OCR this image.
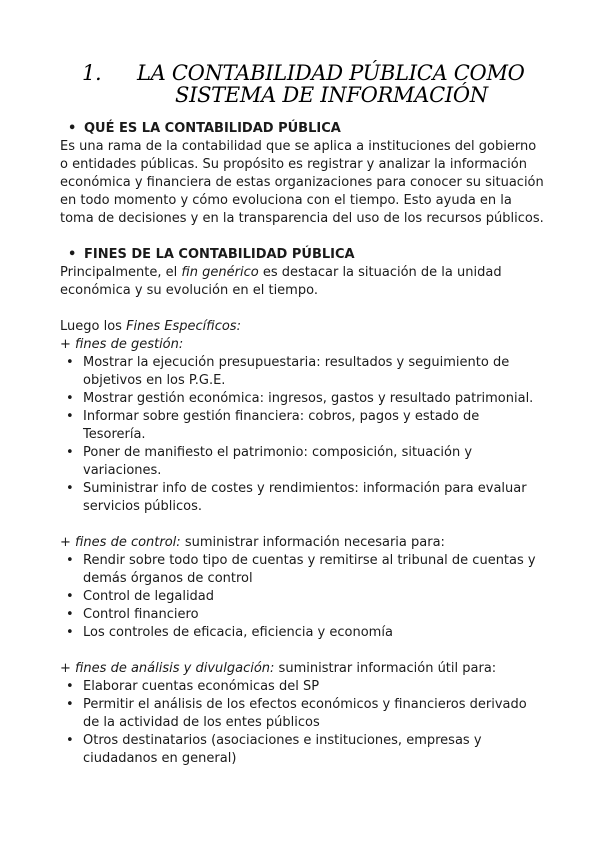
1. LA CONTABILIDAD PÚBLICA COMO
SISTEMA DE INFORMACIÓN
• QUÉ ES LA CONTABILIDAD PÚBLICA

Es una rama de la contabilidad que se aplica a instituciones del gobierno o entidades públicas. Su propósito es registrar y analizar la información económica y financiera de estas organizaciones para conocer su situación en todo momento y cómo evoluciona con el tiempo. Esto ayuda en la toma de decisiones y en la transparencia del uso de los recursos públicos.

• FINES DE LA CONTABILIDAD PÚBLICA

Principalmente, el fin genérico es destacar la situación de la unidad económica y su evolución en el tiempo.

Luego los Fines Específicos:

+ fines de gestión:

• Mostrar la ejecución presupuestaria: resultados y seguimiento de objetivos en los P.G.E.
• Mostrar gestión económica: ingresos, gastos y resultado patrimonial.
• Informar sobre gestión financiera: cobros, pagos y estado de Tesorería.
• Poner de manifiesto el patrimonio: composición, situación y variaciones.
• Suministrar info de costes y rendimientos: información para evaluar servicios públicos.

+ fines de control: suministrar información necesaria para:

• Rendir sobre todo tipo de cuentas y remitirse al tribunal de cuentas y demás órganos de control
• Control de legalidad
• Control financiero
• Los controles de eficacia, eficiencia y economía

+ fines de análisis y divulgación: suministrar información útil para:

• Elaborar cuentas económicas del SP
• Permitir el análisis de los efectos económicos y financieros derivado de la actividad de los entes públicos
• Otros destinatarios (asociaciones e instituciones, empresas y ciudadanos en general)
